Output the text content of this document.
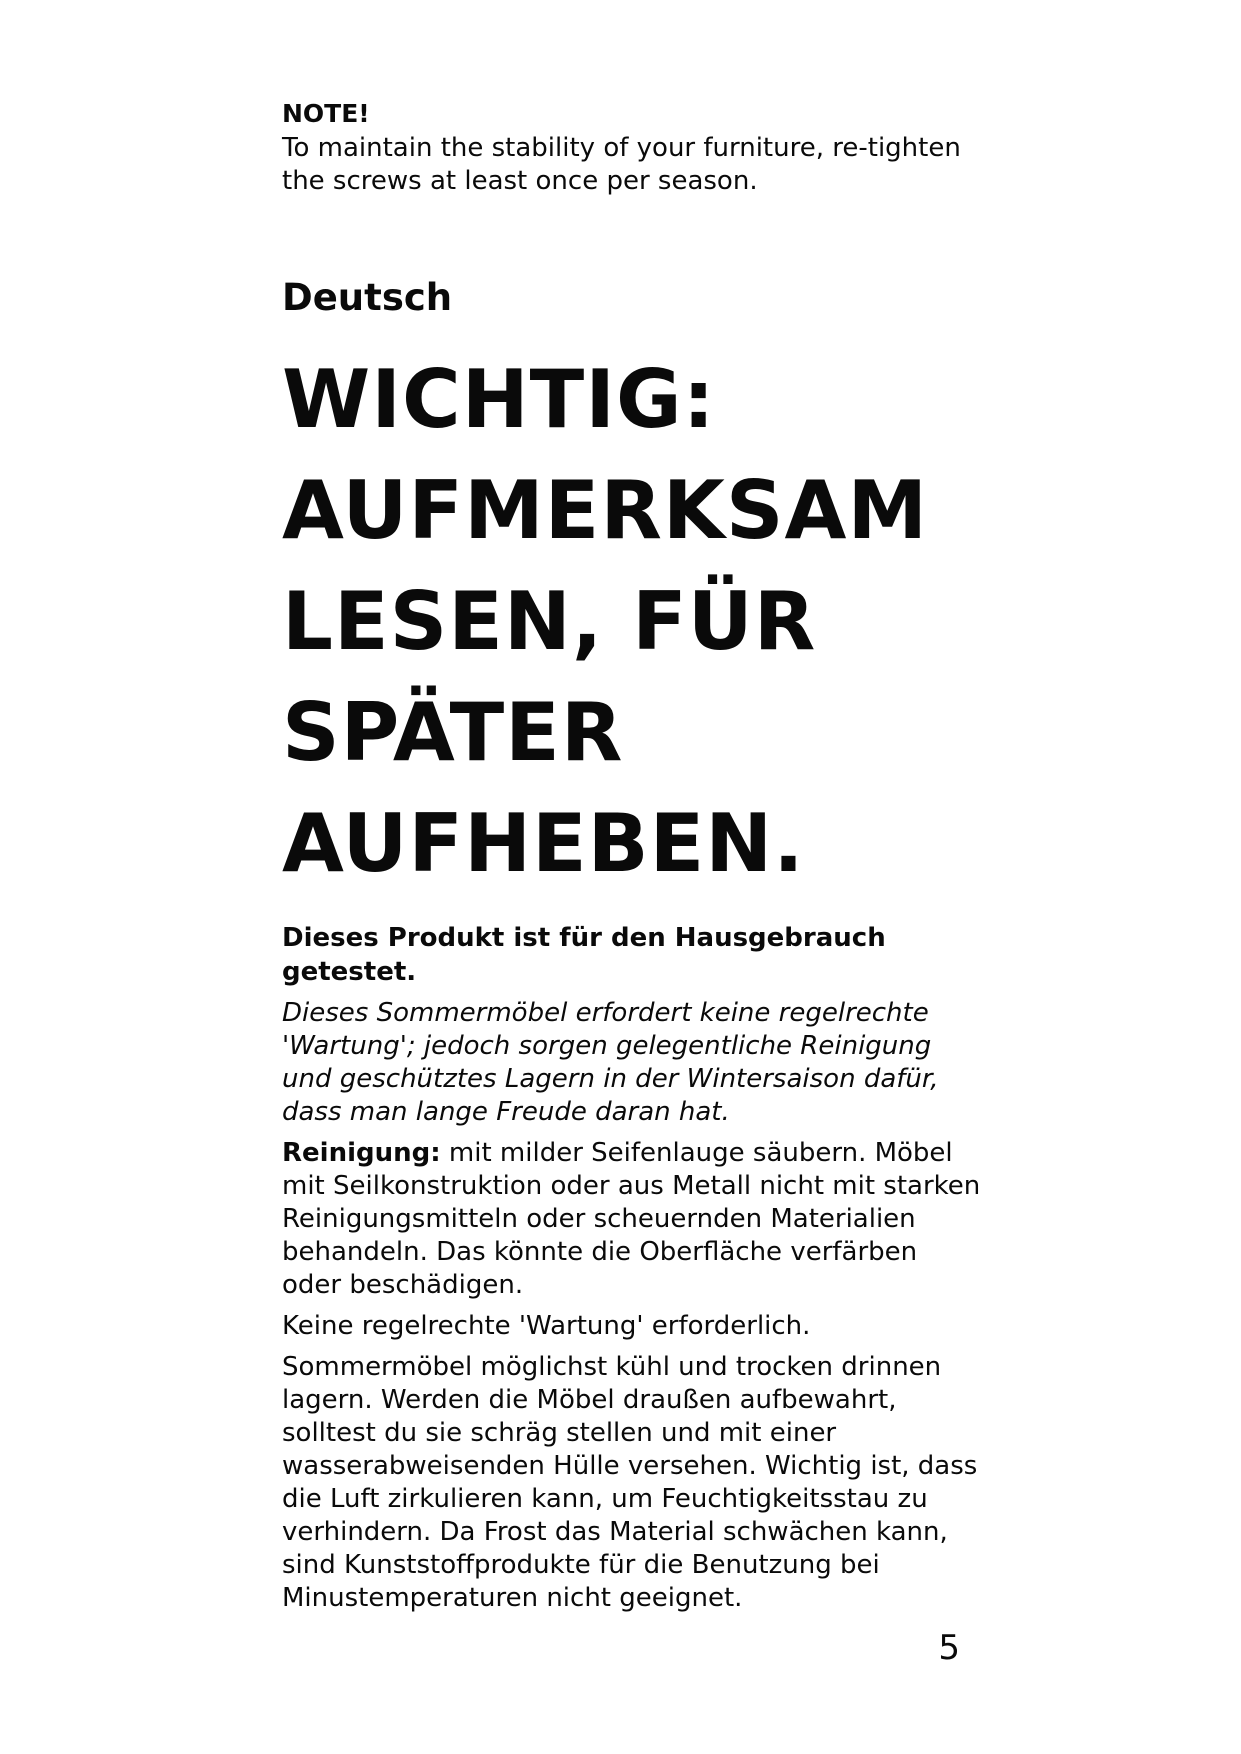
NOTE!

To maintain the stability of your furniture, re-tighten the screws at least once per season.

Deutsch
WICHTIG:
AUFMERKSAM
LESEN, FÜR
SPÄTER
AUFHEBEN.

Dieses Produkt ist für den Hausgebrauch getestet.

Dieses Sommermöbel erfordert keine regelrechte 'Wartung'; jedoch sorgen gelegentliche Reinigung und geschütztes Lagern in der Wintersaison dafür, dass man lange Freude daran hat.

Reinigung: mit milder Seifenlauge säubern. Möbel mit Seilkonstruktion oder aus Metall nicht mit starken Reinigungsmitteln oder scheuernden Materialien behandeln. Das könnte die Oberfläche verfärben oder beschädigen.

Keine regelrechte 'Wartung' erforderlich.

Sommermöbel möglichst kühl und trocken drinnen lagern. Werden die Möbel draußen aufbewahrt, solltest du sie schräg stellen und mit einer wasserabweisenden Hülle versehen. Wichtig ist, dass die Luft zirkulieren kann, um Feuchtigkeitsstau zu verhindern. Da Frost das Material schwächen kann, sind Kunststoffprodukte für die Benutzung bei Minustemperaturen nicht geeignet.

5
